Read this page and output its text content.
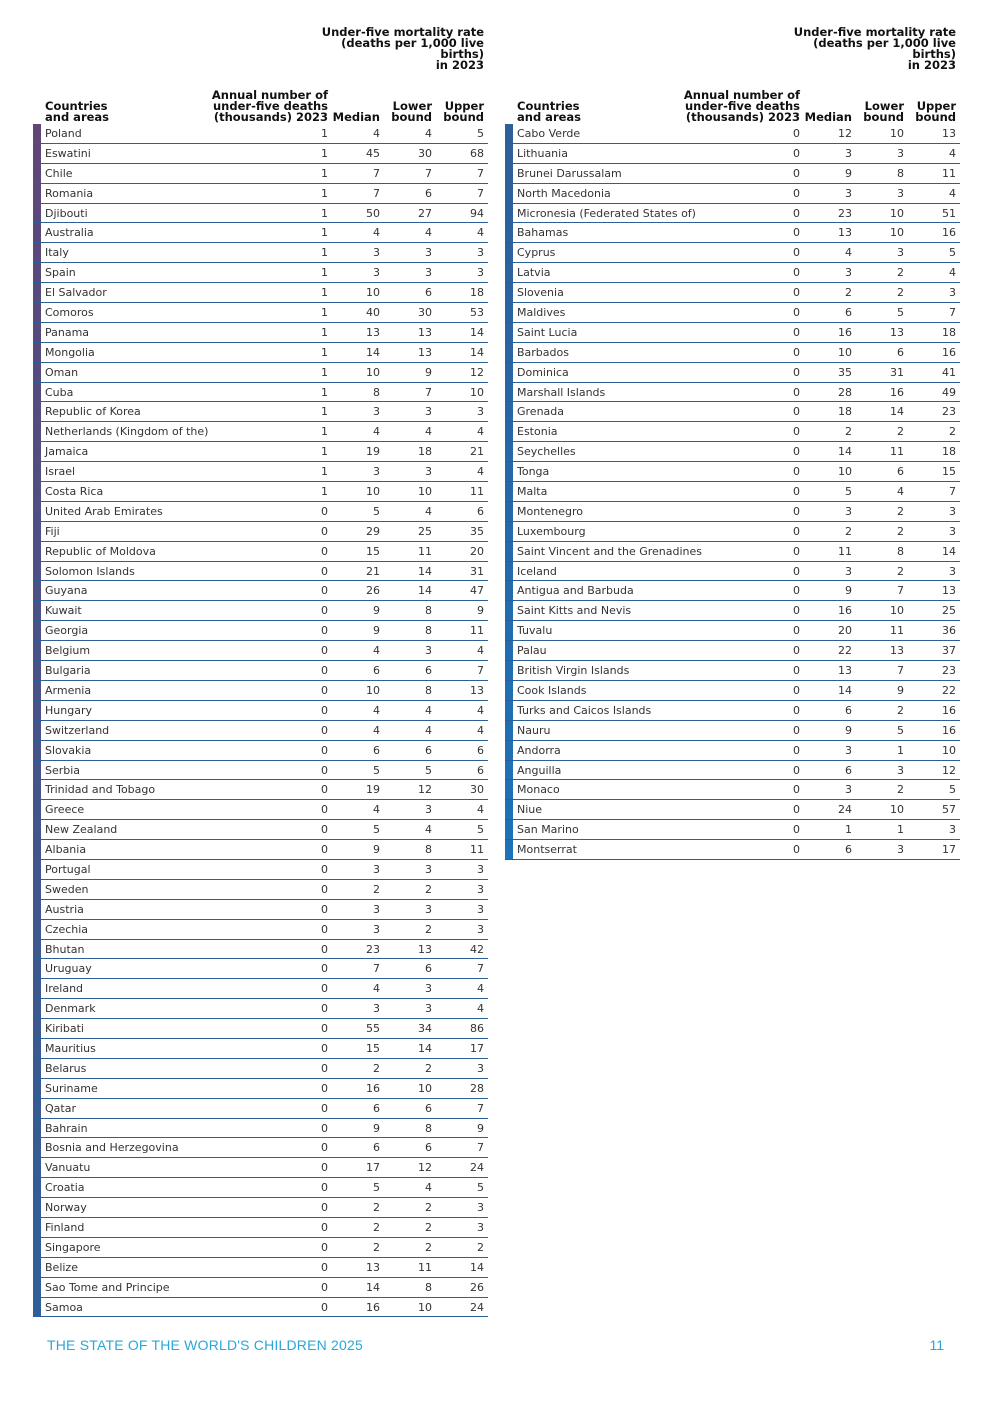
Under-five mortality rate
(deaths per 1,000 live
births)
in 2023
Countries
and areas
Annual number of
under-five deaths
(thousands) 2023 Median
Lower
bound
Upper
bound
Poland	1	4	4	5
Eswatini	1	45	30	68
Chile	1	7	7	7
Romania	1	7	6	7
Djibouti	1	50	27	94
Australia	1	4	4	4
Italy	1	3	3	3
Spain	1	3	3	3
El Salvador	1	10	6	18
Comoros	1	40	30	53
Panama	1	13	13	14
Mongolia	1	14	13	14
Oman	1	10	9	12
Cuba	1	8	7	10
Republic of Korea	1	3	3	3
Netherlands (Kingdom of the)	1	4	4	4
Jamaica	1	19	18	21
Israel	1	3	3	4
Costa Rica	1	10	10	11
United Arab Emirates	0	5	4	6
Fiji	0	29	25	35
Republic of Moldova	0	15	11	20
Solomon Islands	0	21	14	31
Guyana	0	26	14	47
Kuwait	0	9	8	9
Georgia	0	9	8	11
Belgium	0	4	3	4
Bulgaria	0	6	6	7
Armenia	0	10	8	13
Hungary	0	4	4	4
Switzerland	0	4	4	4
Slovakia	0	6	6	6
Serbia	0	5	5	6
Trinidad and Tobago	0	19	12	30
Greece	0	4	3	4
New Zealand	0	5	4	5
Albania	0	9	8	11
Portugal	0	3	3	3
Sweden	0	2	2	3
Austria	0	3	3	3
Czechia	0	3	2	3
Bhutan	0	23	13	42
Uruguay	0	7	6	7
Ireland	0	4	3	4
Denmark	0	3	3	4
Kiribati	0	55	34	86
Mauritius	0	15	14	17
Belarus	0	2	2	3
Suriname	0	16	10	28
Qatar	0	6	6	7
Bahrain	0	9	8	9
Bosnia and Herzegovina	0	6	6	7
Vanuatu	0	17	12	24
Croatia	0	5	4	5
Norway	0	2	2	3
Finland	0	2	2	3
Singapore	0	2	2	2
Belize	0	13	11	14
Sao Tome and Principe	0	14	8	26
Samoa	0	16	10	24
Under-five mortality rate
(deaths per 1,000 live
births)
in 2023
Countries
and areas
Annual number of
under-five deaths
(thousands) 2023 Median
Lower
bound
Upper
bound
Cabo Verde	0	12	10	13
Lithuania	0	3	3	4
Brunei Darussalam	0	9	8	11
North Macedonia	0	3	3	4
Micronesia (Federated States of)	0	23	10	51
Bahamas	0	13	10	16
Cyprus	0	4	3	5
Latvia	0	3	2	4
Slovenia	0	2	2	3
Maldives	0	6	5	7
Saint Lucia	0	16	13	18
Barbados	0	10	6	16
Dominica	0	35	31	41
Marshall Islands	0	28	16	49
Grenada	0	18	14	23
Estonia	0	2	2	2
Seychelles	0	14	11	18
Tonga	0	10	6	15
Malta	0	5	4	7
Montenegro	0	3	2	3
Luxembourg	0	2	2	3
Saint Vincent and the Grenadines	0	11	8	14
Iceland	0	3	2	3
Antigua and Barbuda	0	9	7	13
Saint Kitts and Nevis	0	16	10	25
Tuvalu	0	20	11	36
Palau	0	22	13	37
British Virgin Islands	0	13	7	23
Cook Islands	0	14	9	22
Turks and Caicos Islands	0	6	2	16
Nauru	0	9	5	16
Andorra	0	3	1	10
Anguilla	0	6	3	12
Monaco	0	3	2	5
Niue	0	24	10	57
San Marino	0	1	1	3
Montserrat	0	6	3	17
THE STATE OF THE WORLD'S CHILDREN 2025	11
